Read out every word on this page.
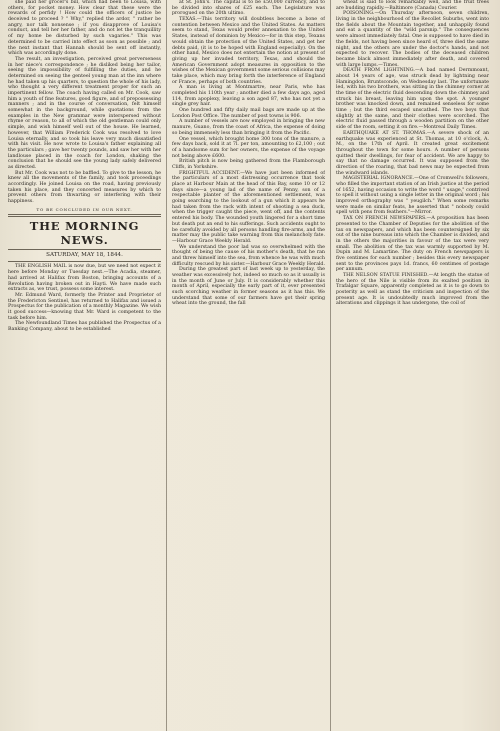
she paid her grocer's bill, which had been to Louisa, with others, for pocket money. How clear that these were the rewards of perfidy ! How could the officers of justice be deceived to proceed ? " Why," replied the ardor, " rather be angry, nor talk nonsense ; if you disapprove of Louisa's conduct, and tell her her father, and do not let the tranquillity of my home be disturbed by such vagaries." This was determined to be carried into effect as soon as possible ; and the next instant that Hannah should be sent off instantly, which was accordingly done.

The result, an investigation, perceived great perverseness in her niece's correspondence ; he disliked being her tailor, seeing the impossibility of fulfilling the duties, and he determined on seeing the genteel young man at the inn where he had taken up his quarters, to question the whole of his lady, who thought a very different treatment proper for such an impertinent fellow. The coach having called on Mr. Cook, saw him a youth of fine features, good figure, and of prepossessing manners ; and in the course of conversation, felt himself somewhat in the background, while quotations from the examples in the New grammar were interspersed without rhyme or reason, to all of which the old gentleman could only simple, and wish himself well out of the house. He learned, however, that William Frederick Cook was resolved to love Louisa eternally, and so took his leave very much dissatisfied with his visit. He now wrote to Louisa's father explaining all the particulars ; gave her twenty pounds, and saw her with her landlouse placed in the coach for London, shaking the conclusion that he should see the young lady safely delivered as directed.

But Mr. Cook was not to be baffled. To give to the lesson, he knew all the movements of the family, and took proceedings accordingly. He joined Louisa on the road, having previously taken his place, and they concerted measures by which to prevent others from thwarting or interfering with their happiness.

TO BE CONCLUDED IN OUR NEXT.
THE MORNING NEWS.
SATURDAY, MAY 18, 1844.

THE ENGLISH MAIL is now due, but we need not expect it here before Monday or Tuesday next.—The Acadia, steamer, had arrived at Halifax from Boston, bringing accounts of a Revolution having broken out in Hayti. We have made such extracts as, we trust, possess some interest.

Mr. Edmund Ward, formerly the Printer and Proprietor of the Fredericton Sentinel, has returned to Halifax and issued a Prospectus for the publication of a monthly Magazine. We wish it good success—knowing that Mr. Ward is competent to the task before him.

The Newfoundland Times has published the Prospectus of a Banking Company, about to be established

at St. John's. The capital is to be £50,000 currency, and to be divided into shares of £25 each. The Legislature was prorogued on the 20th ultimo.

TEXAS.—This territory will doubtless become a bone of contention between Mexico and the United States. As matters seem to stand, Texas would prefer annexation to the United States, instead of dominion by Mexico—for in this step, Texans would obtain the protection of the United States, and get her debts paid, (it is to be hoped with England especially). On the other hand, Mexico does not entertain the notion at present of giving up her invaded territory, Texas, and should the American Government adopt measures in opposition to the wishes of the Mexican government some serious collisions may take place, which may bring forth the interference of England or France, perhaps of both countries.

A man is living at Montmartre, near Paris, who has completed his 110th year ; another died a few days ago, aged 114, from apoplexy, leaving a son aged 87, who has not yet a single grey hair.

One hundred and fifty daily mail bags are made up at the London Post Office. The number of post towns is 906.

A number of vessels are now employed in bringing the new manure, Guano, from the coast of Africa, the expense of doing so being immensely less than bringing it from the Pacific.

One vessel, which brought home 300 tons of the manure, a few days back, sold it at 7l. per ton, amounting to £2,100 ; out of a handsome sum for her owners, the expense of the voyage not being above £600.

British pitch is now being gathered from the Flamborough Cliffs, in Yorkshire.

FRIGHTFUL ACCIDENT.—We have just been informed of the particulars of a most distressing occurrence that took place at Harbour Main at the head of this Bay, some 10 or 12 days since—a young lad of the name of Penny, son of a respectable planter of the aforementioned settlement, was going searching to the lookout of a gun which it appears he had taken from the rack with intent of shooting a sea duck, when the trigger caught the piece, went off, and the contents entered his body. The wounded youth lingered for a short time but death put an end to his sufferings. Such accidents ought to be carefully avoided by all persons handling fire-arms, and the matter may the public take warning from this melancholy fate.—Harbour Grace Weekly Herald.

We understand the poor lad was so overwhelmed with the thought of being the cause of his mother's death, that he ran and threw himself into the sea, from whence he was with much difficulty rescued by his sister.—Harbour Grace Weekly Herald.

During the greatest part of last week up to yesterday, the weather was excessively hot, indeed so much so as it usually is in the month of June or July. It is considerably whether this month of April, especially the early part of it, ever presented such scorching weather in former seasons as it has this. We understand that some of our farmers have got their spring wheat into the ground, the fall

wheat is said to look remarkably well, and the fruit trees are budding rapidly.—Baltimore (Canada) Courier.

POISONING.—On Thursday afternoon, seven children, living in the neighbourhood of the Recollet Suburbs, went into the fields about the Mountain together, and unhappily found and eat a quantity of the "wild parsnip." The consequences were almost immediately fatal. One is supposed to have died in the fields, not having been since heard of, three died the same night, and the others are under the doctor's hands, and not expected to recover. The bodies of the deceased children became black almost immediately after death, and covered with large lumps.—Times.

DEATH FROM LIGHTNING.—A bad named Dermmoant, about 14 years of age, was struck dead by lightning near Hamingdon, Bruntsconde, on Wednesday last. The unfortunate led, with his two brothers, was sitting in the chimney corner at the time of the electric fluid descending down the chimney and struck his breast, leaving him upon the spot. A younger brother was knocked down, and remained senseless for some time ; but the third escaped unscathed. The two boys that slightly at the same, and their clothes were scorched. The electric fluid passed through a wooden partition on the other side of the room, setting it on fire.—Montreal Daily Times.

EARTHQUAKE AT ST. THOMAS.—A severe shock of an earthquake was experienced at St. Thomas, at 10 o'clock, A. M., on the 17th of April. It created great excitement throughout the town for some hours. A number of persons quitted their dwellings, for fear of accident. We are happy to say that no damage occurred. It was supposed from the direction of the roaring, that bad news may be expected from the windward islands.

MAGISTERIAL IGNORANCE.—One of Cromwell's followers, who filled the important station of an Irish justice at the period of 1652, having occasion to write the word " usage," contrived to spell it without using a single letter in the original word ; his improved orthography was " yeugilch." When some remarks were made on similar feats, he asserted that " nobody could spell with pens from feathers."—Mirror.

TAX ON FRENCH NEWSPAPERS.—A proposition has been presented to the Chamber of Deputies for the abolition of the tax on newspapers, and which has been countersigned by six out of the nine bureaus into which the Chamber is divided, and in the others the majorities in favour of the tax were very small. The abolition of the tax was warmly supported by M. Dupin and M. Lamartine. The duty on French newspapers is five centimes for each number ; besides this every newspaper sent to the provinces pays 1d. francs, 60 centimes of postage per annum.

THE NELSON STATUE FINISHED.—At length the statue of the hero of the Nile is visible from its exalted position in Trafalgar Square, apparently completed as it is to go down to posterity as well as stand the criticism and inspection of the present age. It is undoubtedly much improved from the alterations and clippings it has undergone, the coil of
